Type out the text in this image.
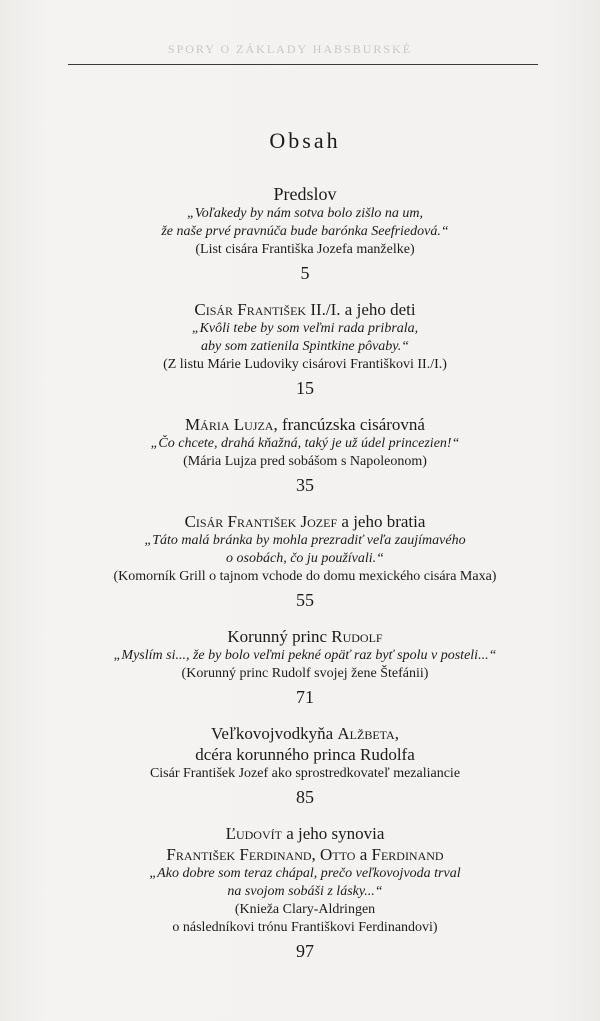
SPORY O ZÁKLADY HABSBURSKÉ
Obsah
Predslov
„Voľakedy by nám sotva bolo zišlo na um,
že naše prvé pravnúča bude barónka Seefriedová.“
(List cisára Františka Jozefa manželke)
5
Cisár František II./I. a jeho deti
„Kvôli tebe by som veľmi rada pribrala,
aby som zatienila Spintkine pôvaby.“
(Z listu Márie Ludoviky cisárovi Františkovi II./I.)
15
Mária Lujza, francúzska cisárovná
„Čo chcete, drahá kňažná, taký je už údel princezien!“
(Mária Lujza pred sobášom s Napoleonom)
35
Cisár František Jozef a jeho bratia
„Táto malá bránka by mohla prezradiť veľa zaujímavého
o osobách, čo ju používali.“
(Komorník Grill o tajnom vchode do domu mexického cisára Maxa)
55
Korunný princ Rudolf
„Myslím si..., že by bolo veľmi pekné opäť raz byť spolu v posteli...“
(Korunný princ Rudolf svojej žene Štefánii)
71
Veľkovojvodkyňa Alžbeta,
dcéra korunného princa Rudolfa
Cisár František Jozef ako sprostredkovateľ mezaliancie
85
Ľudovít a jeho synovia
František Ferdinand, Otto a Ferdinand
„Ako dobre som teraz chápal, prečo veľkovojvoda trval
na svojom sobáši z lásky...“
(Knieža Clary-Aldringen
o následníkovi trónu Františkovi Ferdinandovi)
97
